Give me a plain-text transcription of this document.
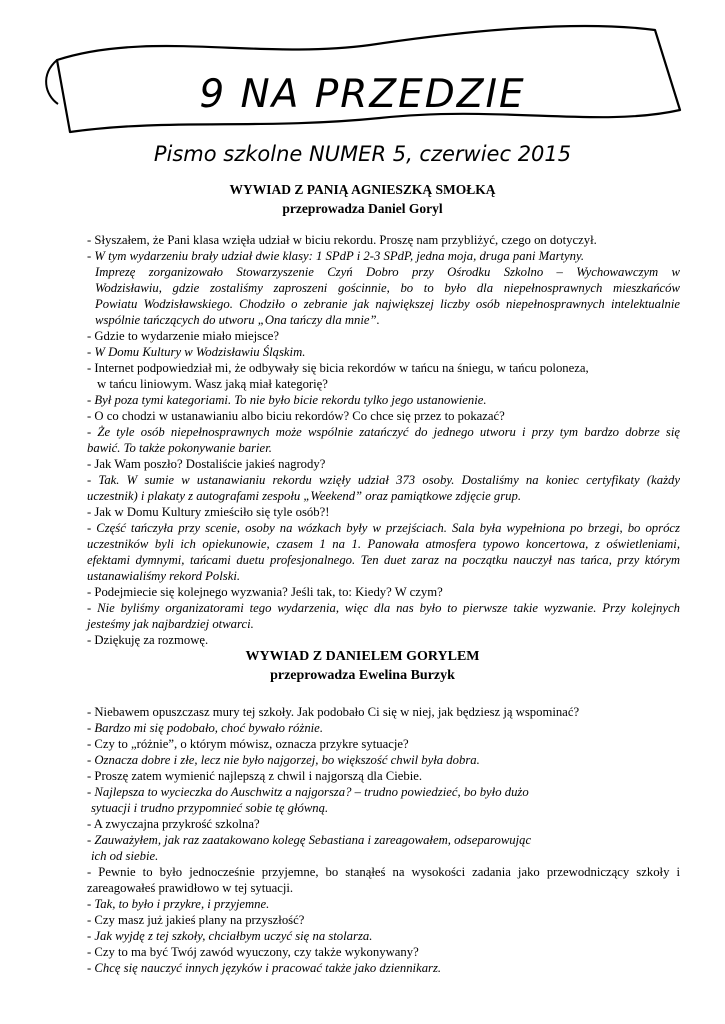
9 NA PRZEDZIE
Pismo szkolne NUMER 5, czerwiec 2015
WYWIAD Z PANIĄ AGNIESZKĄ SMOŁKĄ
przeprowadza Daniel Goryl
- Słyszałem, że Pani klasa wzięła udział w biciu rekordu. Proszę nam przybliżyć, czego on dotyczył.
- W tym wydarzeniu brały udział dwie klasy: 1 SPdP i 2-3 SPdP, jedna moja, druga pani Martyny.
Imprezę zorganizowało Stowarzyszenie Czyń Dobro przy Ośrodku Szkolno – Wychowawczym w
Wodzisławiu, gdzie zostaliśmy zaproszeni gościnnie, bo to było dla niepełnosprawnych mieszkańców
Powiatu Wodzisławskiego. Chodziło o zebranie jak największej liczby osób niepełnosprawnych intelektualnie
wspólnie tańczących do utworu „Ona tańczy dla mnie”.
- Gdzie to wydarzenie miało miejsce?
- W Domu Kultury w Wodzisławiu Śląskim.
- Internet podpowiedział mi, że odbywały się bicia rekordów w tańcu na śniegu, w tańcu poloneza,
w tańcu liniowym. Wasz jaką miał kategorię?
- Był poza tymi kategoriami. To nie było bicie rekordu tylko jego ustanowienie.
- O co chodzi w ustanawianiu albo biciu rekordów? Co chce się przez to pokazać?
- Że tyle osób niepełnosprawnych może wspólnie zatańczyć do jednego utworu i przy tym bardzo dobrze się
bawić. To także pokonywanie barier.
- Jak Wam poszło? Dostaliście jakieś nagrody?
- Tak. W sumie w ustanawianiu rekordu wzięły udział 373 osoby. Dostaliśmy na koniec certyfikaty (każdy
uczestnik) i plakaty z autografami zespołu „Weekend” oraz pamiątkowe zdjęcie grup.
- Jak w Domu Kultury zmieściło się tyle osób?!
- Część tańczyła przy scenie, osoby na wózkach były w przejściach. Sala była wypełniona po brzegi, bo oprócz
uczestników byli ich opiekunowie, czasem 1 na 1. Panowała atmosfera typowo koncertowa, z oświetleniami,
efektami dymnymi, tańcami duetu profesjonalnego. Ten duet zaraz na początku nauczył nas tańca, przy którym
ustanawialiśmy rekord Polski.
- Podejmiecie się kolejnego wyzwania? Jeśli tak, to: Kiedy? W czym?
- Nie byliśmy organizatorami tego wydarzenia, więc dla nas było to pierwsze takie wyzwanie. Przy kolejnych
jesteśmy jak najbardziej otwarci.
- Dziękuję za rozmowę.
WYWIAD Z DANIELEM GORYLEM
przeprowadza Ewelina Burzyk
- Niebawem opuszczasz mury tej szkoły. Jak podobało Ci się w niej, jak będziesz ją wspominać?
- Bardzo mi się podobało, choć bywało różnie.
- Czy to „różnie”, o którym mówisz, oznacza przykre sytuacje?
- Oznacza dobre i złe, lecz nie było najgorzej, bo większość chwil była dobra.
- Proszę zatem wymienić najlepszą z chwil i najgorszą dla Ciebie.
- Najlepsza to wycieczka do Auschwitz a najgorsza? – trudno powiedzieć, bo było dużo
sytuacji i trudno przypomnieć sobie tę główną.
- A zwyczajna przykrość szkolna?
- Zauważyłem, jak raz zaatakowano kolegę Sebastiana i zareagowałem, odseparowując
ich od siebie.
- Pewnie to było jednocześnie przyjemne, bo stanąłeś na wysokości zadania jako przewodniczący szkoły i
zareagowałeś prawidłowo w tej sytuacji.
- Tak, to było i przykre, i przyjemne.
- Czy masz już jakieś plany na przyszłość?
- Jak wyjdę z tej szkoły, chciałbym uczyć się na stolarza.
- Czy to ma być Twój zawód wyuczony, czy także wykonywany?
- Chcę się nauczyć innych języków i pracować także jako dziennikarz.
